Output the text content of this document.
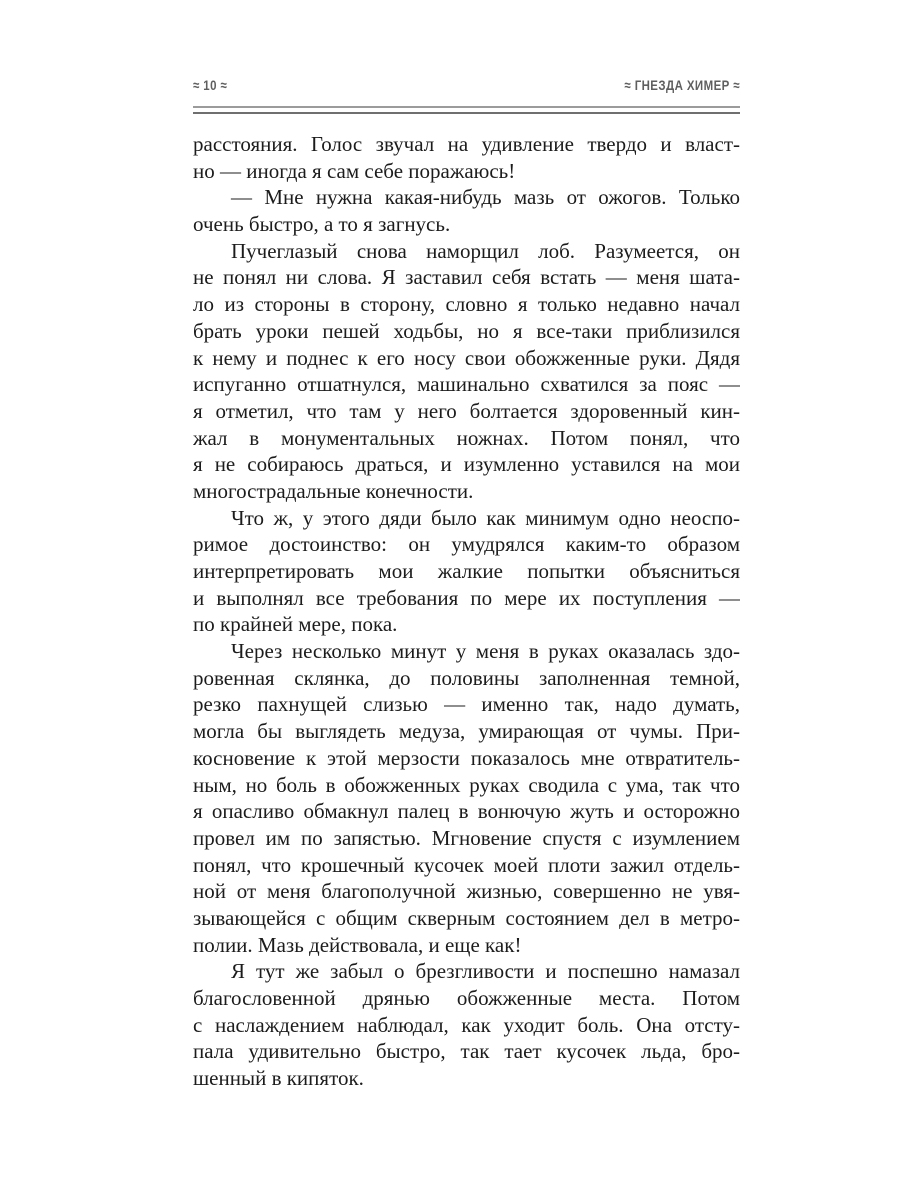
≈ 10 ≈	≈ ГНЕЗДА ХИМЕР ≈
расстояния. Голос звучал на удивление твердо и власт-
но — иногда я сам себе поражаюсь!
— Мне нужна какая-нибудь мазь от ожогов. Только
очень быстро, а то я загнусь.
Пучеглазый снова наморщил лоб. Разумеется, он
не понял ни слова. Я заставил себя встать — меня шата-
ло из стороны в сторону, словно я только недавно начал
брать уроки пешей ходьбы, но я все-таки приблизился
к нему и поднес к его носу свои обожженные руки. Дядя
испуганно отшатнулся, машинально схватился за пояс —
я отметил, что там у него болтается здоровенный кин-
жал в монументальных ножнах. Потом понял, что
я не собираюсь драться, и изумленно уставился на мои
многострадальные конечности.
Что ж, у этого дяди было как минимум одно неоспо-
римое достоинство: он умудрялся каким-то образом
интерпретировать мои жалкие попытки объясниться
и выполнял все требования по мере их поступления —
по крайней мере, пока.
Через несколько минут у меня в руках оказалась здо-
ровенная склянка, до половины заполненная темной,
резко пахнущей слизью — именно так, надо думать,
могла бы выглядеть медуза, умирающая от чумы. При-
косновение к этой мерзости показалось мне отвратитель-
ным, но боль в обожженных руках сводила с ума, так что
я опасливо обмакнул палец в вонючую жуть и осторожно
провел им по запястью. Мгновение спустя с изумлением
понял, что крошечный кусочек моей плоти зажил отдель-
ной от меня благополучной жизнью, совершенно не увя-
зывающейся с общим скверным состоянием дел в метро-
полии. Мазь действовала, и еще как!
Я тут же забыл о брезгливости и поспешно намазал
благословенной дрянью обожженные места. Потом
с наслаждением наблюдал, как уходит боль. Она отсту-
пала удивительно быстро, так тает кусочек льда, бро-
шенный в кипяток.
